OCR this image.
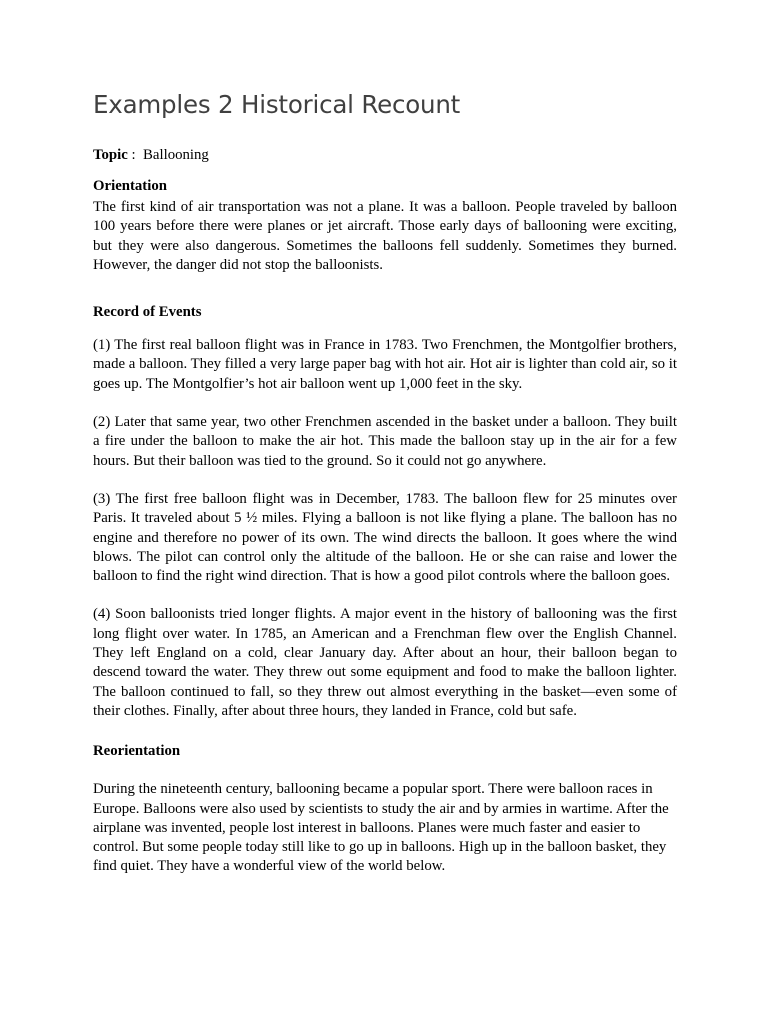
Examples 2 Historical Recount
Topic :  Ballooning
Orientation

The first kind of air transportation was not a plane. It was a balloon. People traveled by balloon 100 years before there were planes or jet aircraft. Those early days of ballooning were exciting, but they were also dangerous. Sometimes the balloons fell suddenly. Sometimes they burned. However, the danger did not stop the balloonists.

Record of Events

(1) The first real balloon flight was in France in 1783. Two Frenchmen, the Montgolfier brothers, made a balloon. They filled a very large paper bag with hot air. Hot air is lighter than cold air, so it goes up. The Montgolfier’s hot air balloon went up 1,000 feet in the sky.

(2) Later that same year, two other Frenchmen ascended in the basket under a balloon. They built a fire under the balloon to make the air hot. This made the balloon stay up in the air for a few hours. But their balloon was tied to the ground. So it could not go anywhere.

(3) The first free balloon flight was in December, 1783. The balloon flew for 25 minutes over Paris. It traveled about 5 ½ miles. Flying a balloon is not like flying a plane. The balloon has no engine and therefore no power of its own. The wind directs the balloon. It goes where the wind blows. The pilot can control only the altitude of the balloon. He or she can raise and lower the balloon to find the right wind direction. That is how a good pilot controls where the balloon goes.

(4) Soon balloonists tried longer flights. A major event in the history of ballooning was the first long flight over water. In 1785, an American and a Frenchman flew over the English Channel. They left England on a cold, clear January day. After about an hour, their balloon began to descend toward the water. They threw out some equipment and food to make the balloon lighter. The balloon continued to fall, so they threw out almost everything in the basket—even some of their clothes. Finally, after about three hours, they landed in France, cold but safe.

Reorientation

During the nineteenth century, ballooning became a popular sport. There were balloon races in Europe. Balloons were also used by scientists to study the air and by armies in wartime. After the airplane was invented, people lost interest in balloons. Planes were much faster and easier to control. But some people today still like to go up in balloons. High up in the balloon basket, they find quiet. They have a wonderful view of the world below.
